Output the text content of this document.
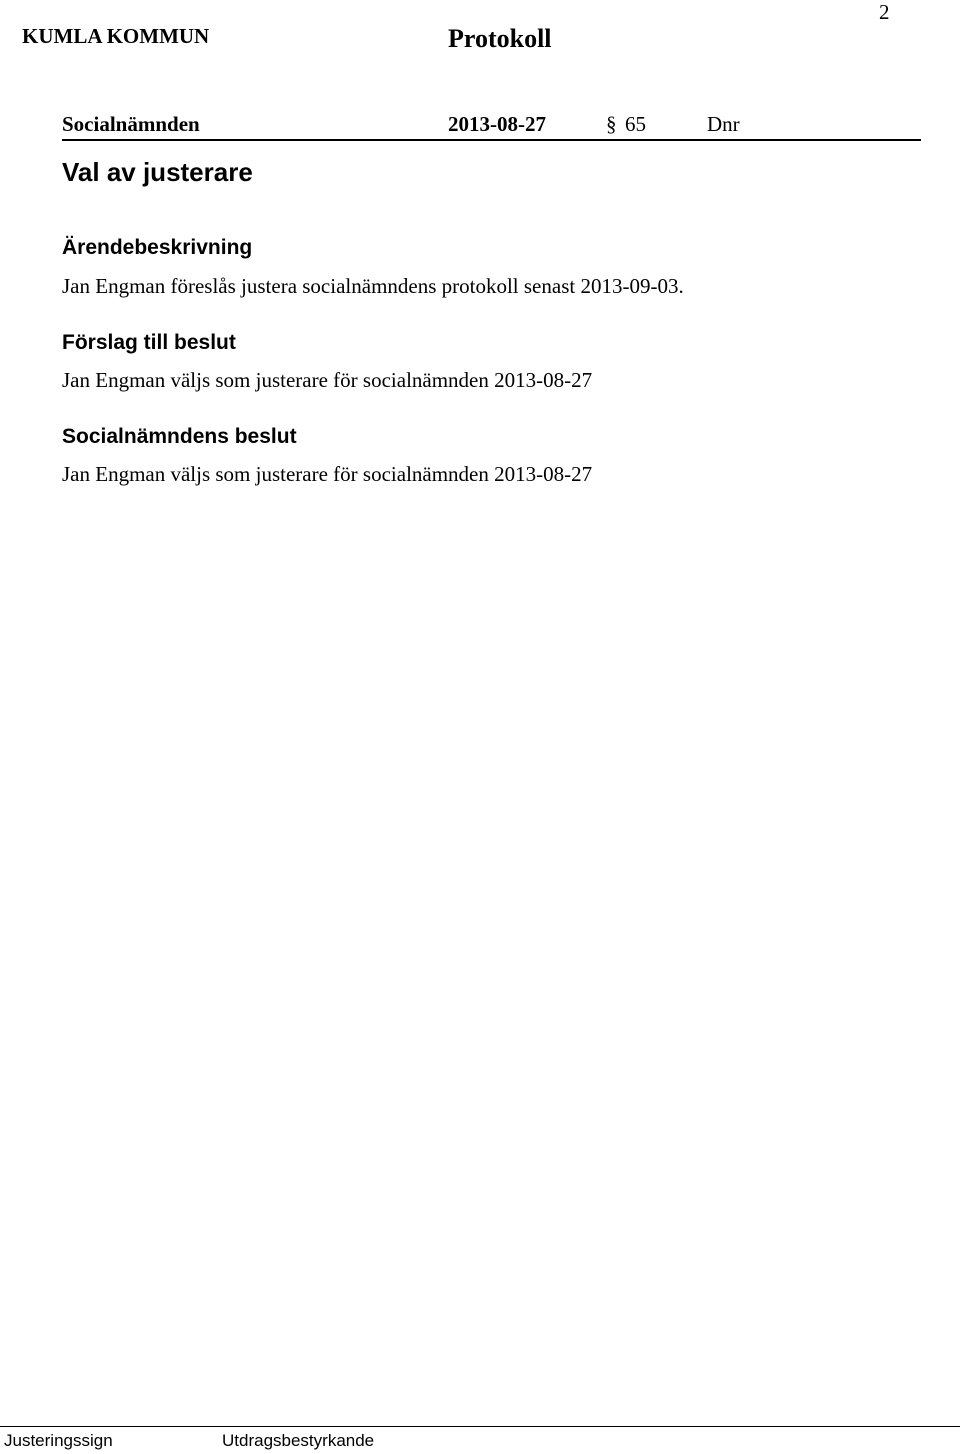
2
KUMLA KOMMUN	Protokoll
Socialnämnden	2013-08-27	§ 65	Dnr
Val av justerare
Ärendebeskrivning
Jan Engman föreslås justera socialnämndens protokoll senast 2013-09-03.
Förslag till beslut
Jan Engman väljs som justerare för socialnämnden 2013-08-27
Socialnämndens beslut
Jan Engman väljs som justerare för socialnämnden 2013-08-27
Justeringssign	Utdragsbestyrkande
